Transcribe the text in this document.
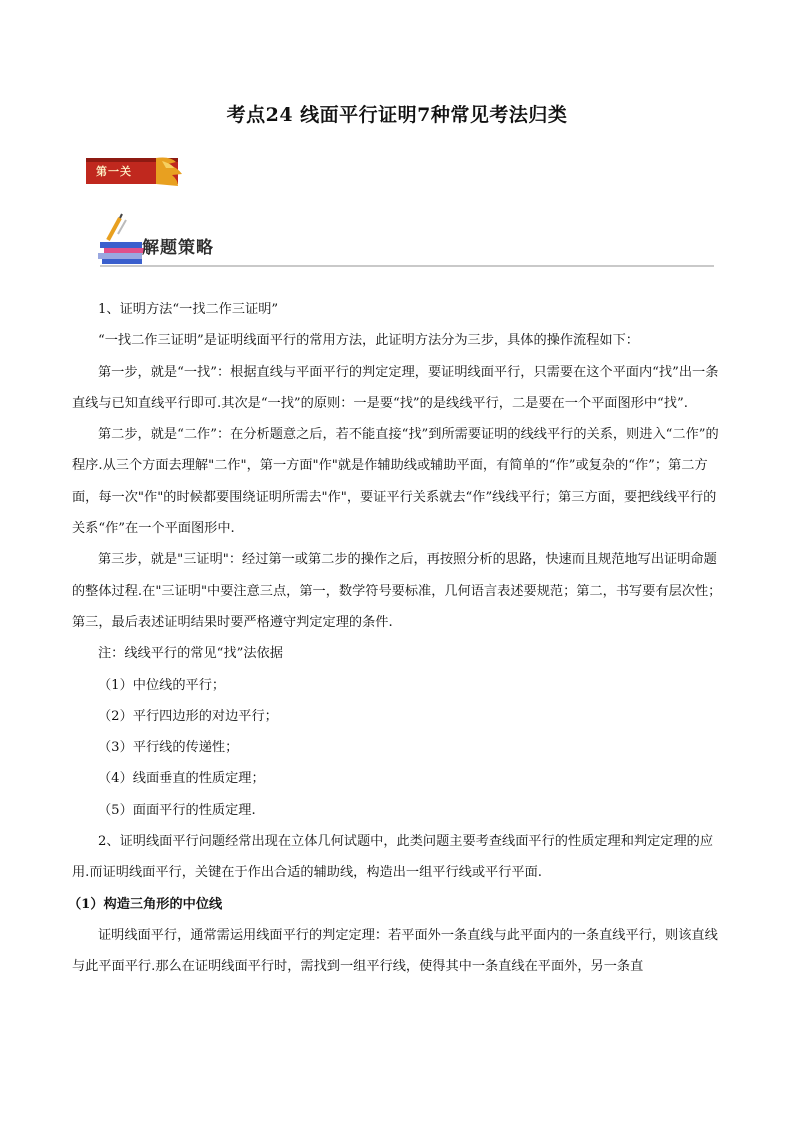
考点24 线面平行证明7种常见考法归类
第一关
解题策略

1、证明方法“一找二作三证明”

“一找二作三证明”是证明线面平行的常用方法，此证明方法分为三步，具体的操作流程如下：

第一步，就是“一找”：根据直线与平面平行的判定定理，要证明线面平行，只需要在这个平面内“找”出一条直线与已知直线平行即可.其次是“一找”的原则：一是要“找”的是线线平行，二是要在一个平面图形中“找”.

第二步，就是“二作”：在分析题意之后，若不能直接“找”到所需要证明的线线平行的关系，则进入“二作”的程序.从三个方面去理解"二作"，第一方面"作"就是作辅助线或辅助平面，有简单的“作”或复杂的“作”；第二方面，每一次"作"的时候都要围绕证明所需去"作"，要证平行关系就去“作”线线平行；第三方面，要把线线平行的关系“作”在一个平面图形中.

第三步，就是"三证明"：经过第一或第二步的操作之后，再按照分析的思路，快速而且规范地写出证明命题的整体过程.在"三证明"中要注意三点，第一，数学符号要标准，几何语言表述要规范；第二，书写要有层次性；第三，最后表述证明结果时要严格遵守判定定理的条件.

注：线线平行的常见“找”法依据

（1）中位线的平行；

（2）平行四边形的对边平行；

（3）平行线的传递性；

（4）线面垂直的性质定理；

（5）面面平行的性质定理.

2、证明线面平行问题经常出现在立体几何试题中，此类问题主要考查线面平行的性质定理和判定定理的应用.而证明线面平行，关键在于作出合适的辅助线，构造出一组平行线或平行平面.

（1）构造三角形的中位线

证明线面平行，通常需运用线面平行的判定定理：若平面外一条直线与此平面内的一条直线平行，则该直线与此平面平行.那么在证明线面平行时，需找到一组平行线，使得其中一条直线在平面外，另一条直
